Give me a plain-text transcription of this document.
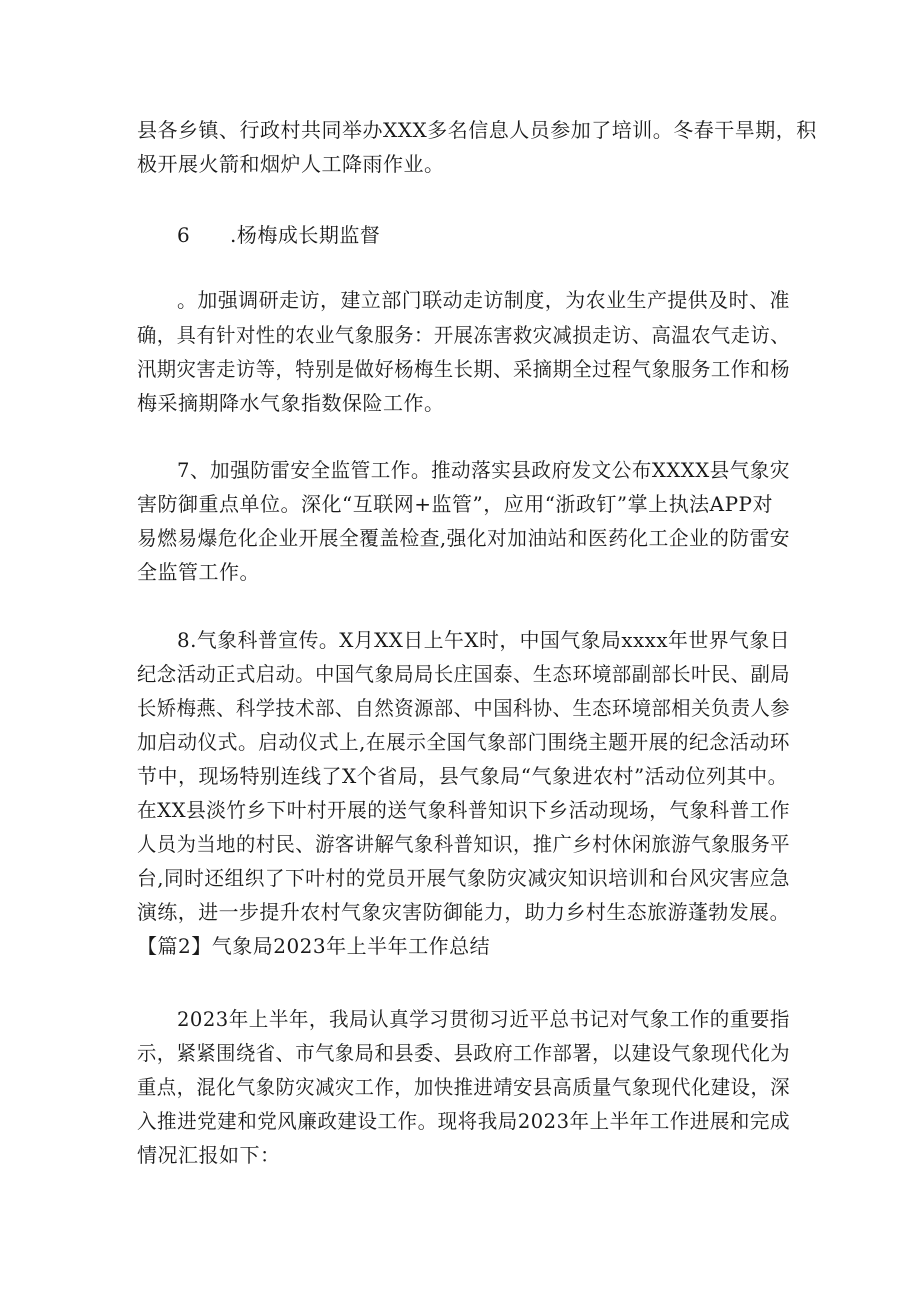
县各乡镇、行政村共同举办XXX多名信息人员参加了培训。冬春干旱期，积
极开展火箭和烟炉人工降雨作业。
6 .杨梅成长期监督
。加强调研走访，建立部门联动走访制度，为农业生产提供及时、准
确，具有针对性的农业气象服务：开展冻害救灾减损走访、高温农气走访、
汛期灾害走访等，特别是做好杨梅生长期、采摘期全过程气象服务工作和杨
梅采摘期降水气象指数保险工作。
7、加强防雷安全监管工作。推动落实县政府发文公布XXXX县气象灾
害防御重点单位。深化“互联网+监管”，应用“浙政钉”掌上执法APP对
易燃易爆危化企业开展全覆盖检查,强化对加油站和医药化工企业的防雷安
全监管工作。
8.气象科普宣传。X月XX日上午X时，中国气象局xxxx年世界气象日
纪念活动正式启动。中国气象局局长庄国泰、生态环境部副部长叶民、副局
长矫梅燕、科学技术部、自然资源部、中国科协、生态环境部相关负责人参
加启动仪式。启动仪式上,在展示全国气象部门围绕主题开展的纪念活动环
节中，现场特别连线了X个省局，县气象局“气象进农村”活动位列其中。
在XX县淡竹乡下叶村开展的送气象科普知识下乡活动现场，气象科普工作
人员为当地的村民、游客讲解气象科普知识，推广乡村休闲旅游气象服务平
台,同时还组织了下叶村的党员开展气象防灾减灾知识培训和台风灾害应急
演练，进一步提升农村气象灾害防御能力，助力乡村生态旅游蓬勃发展。
【篇2】气象局2023年上半年工作总结
2023年上半年，我局认真学习贯彻习近平总书记对气象工作的重要指
示，紧紧围绕省、市气象局和县委、县政府工作部署，以建设气象现代化为
重点，混化气象防灾减灾工作，加快推进靖安县高质量气象现代化建设，深
入推进党建和党风廉政建设工作。现将我局2023年上半年工作进展和完成
情况汇报如下：
